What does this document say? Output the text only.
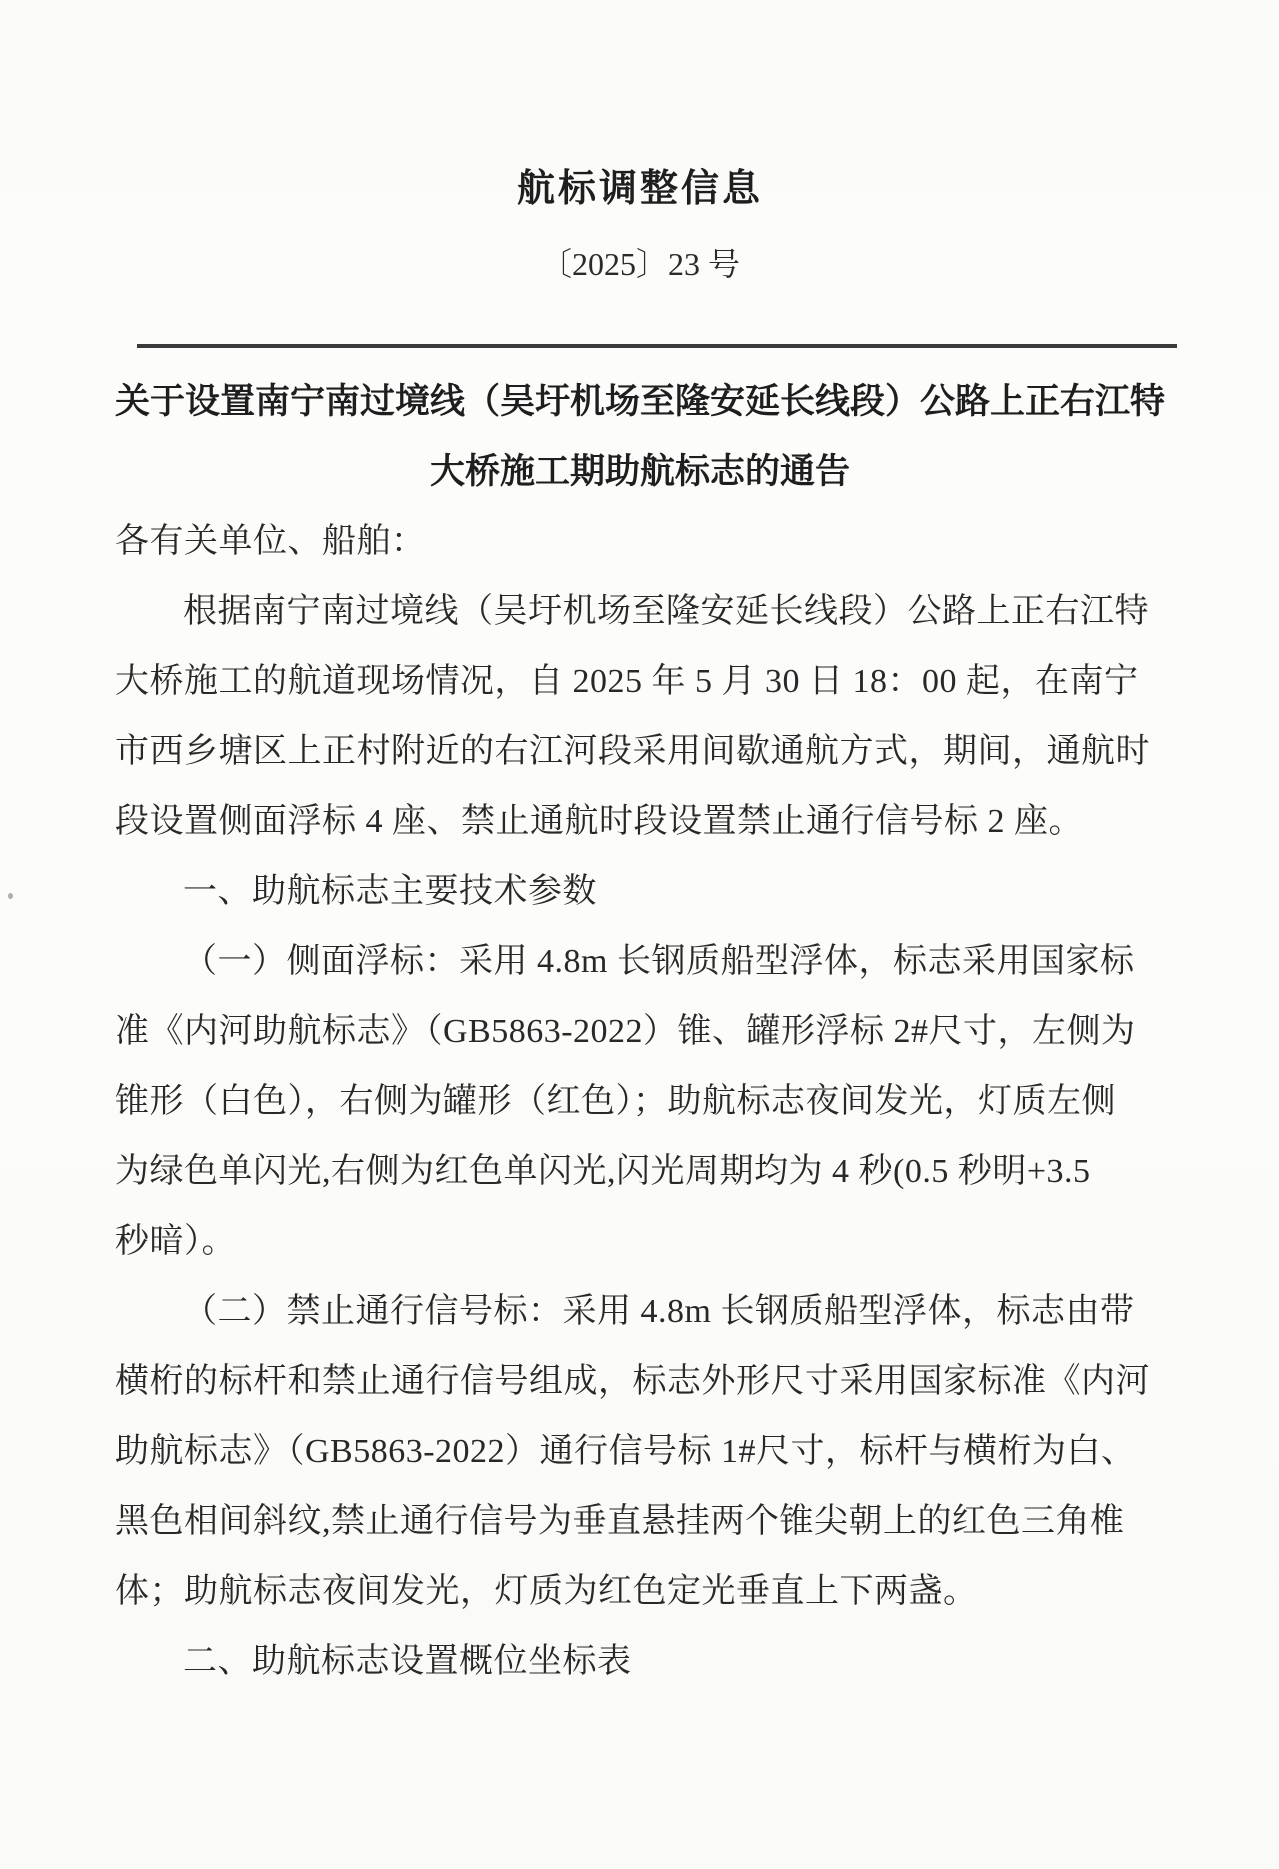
航标调整信息
〔2025〕23 号
关于设置南宁南过境线（吴圩机场至隆安延长线段）公路上正右江特
大桥施工期助航标志的通告
各有关单位、船舶：
根据南宁南过境线（吴圩机场至隆安延长线段）公路上正右江特
大桥施工的航道现场情况，自 2025 年 5 月 30 日 18：00 起，在南宁
市西乡塘区上正村附近的右江河段采用间歇通航方式，期间，通航时
段设置侧面浮标 4 座、禁止通航时段设置禁止通行信号标 2 座。
一、助航标志主要技术参数
（一）侧面浮标：采用 4.8m 长钢质船型浮体，标志采用国家标
准《内河助航标志》（GB5863-2022）锥、罐形浮标 2#尺寸，左侧为
锥形（白色），右侧为罐形（红色）；助航标志夜间发光，灯质左侧
为绿色单闪光,右侧为红色单闪光,闪光周期均为 4 秒(0.5 秒明+3.5
秒暗）。
（二）禁止通行信号标：采用 4.8m 长钢质船型浮体，标志由带
横桁的标杆和禁止通行信号组成，标志外形尺寸采用国家标准《内河
助航标志》（GB5863-2022）通行信号标 1#尺寸，标杆与横桁为白、
黑色相间斜纹,禁止通行信号为垂直悬挂两个锥尖朝上的红色三角椎
体；助航标志夜间发光，灯质为红色定光垂直上下两盏。
二、助航标志设置概位坐标表
